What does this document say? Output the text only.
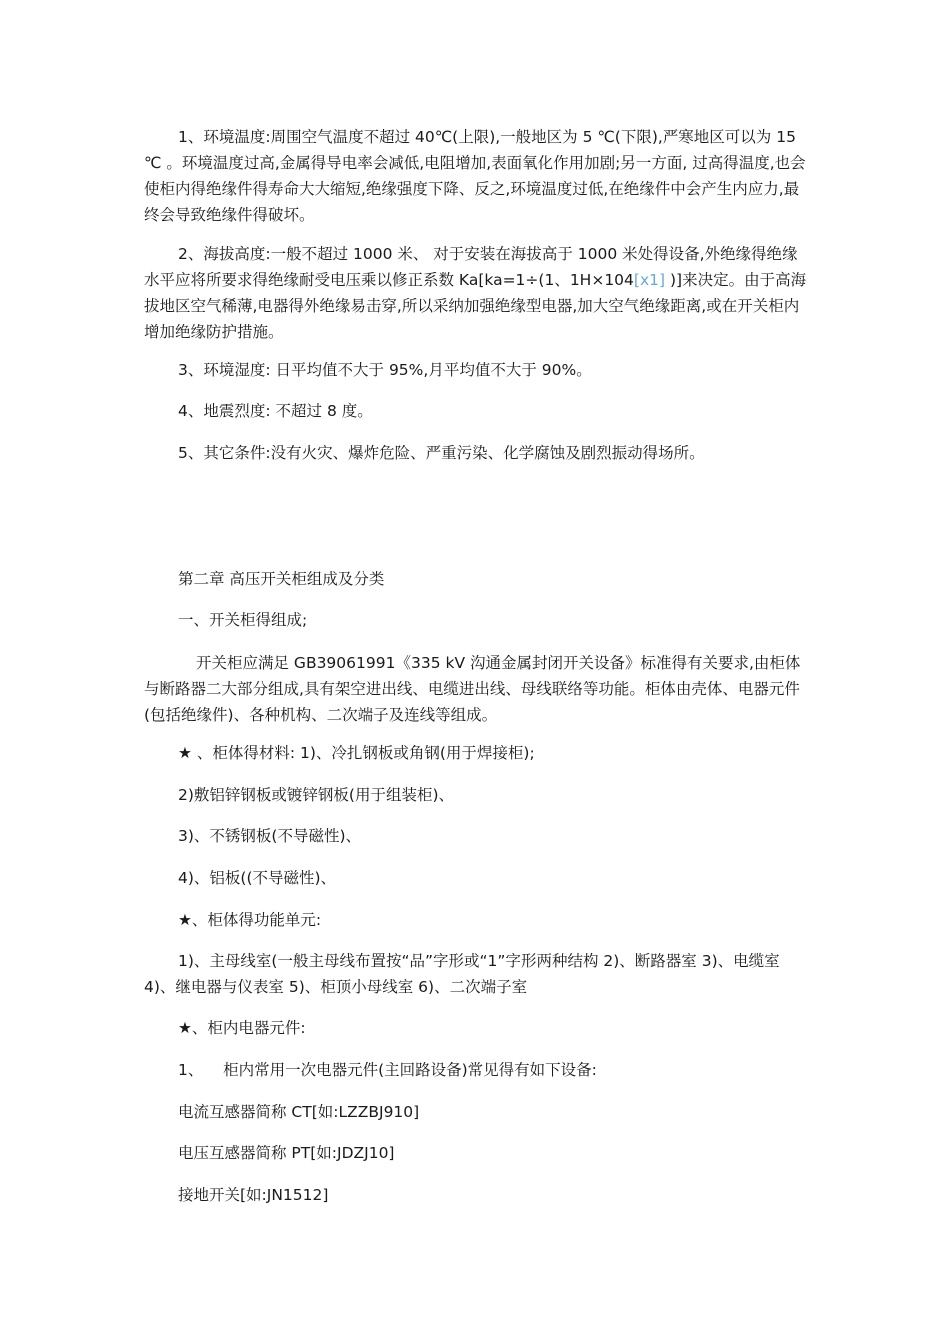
1、环境温度:周围空气温度不超过 40℃(上限),一般地区为 5 ℃(下限),严寒地区可以为 15 ℃ 。环境温度过高,金属得导电率会减低,电阻增加,表面氧化作用加剧;另一方面, 过高得温度,也会使柜内得绝缘件得寿命大大缩短,绝缘强度下降、反之,环境温度过低,在绝缘件中会产生内应力,最终会导致绝缘件得破坏。

2、海拔高度:一般不超过 1000 米、 对于安装在海拔高于 1000 米处得设备,外绝缘得绝缘水平应将所要求得绝缘耐受电压乘以修正系数 Ka[ka=1÷(1、1H×104[x1] )]来决定。由于高海拔地区空气稀薄,电器得外绝缘易击穿,所以采纳加强绝缘型电器,加大空气绝缘距离,或在开关柜内增加绝缘防护措施。

3、环境湿度: 日平均值不大于 95%,月平均值不大于 90%。

4、地震烈度: 不超过 8 度。

5、其它条件:没有火灾、爆炸危险、严重污染、化学腐蚀及剧烈振动得场所。

第二章 高压开关柜组成及分类

一、开关柜得组成;

开关柜应满足 GB39061991《335 kV 沟通金属封闭开关设备》标准得有关要求,由柜体与断路器二大部分组成,具有架空进出线、电缆进出线、母线联络等功能。柜体由壳体、电器元件(包括绝缘件)、各种机构、二次端子及连线等组成。

★ 、柜体得材料: 1)、冷扎钢板或角钢(用于焊接柜);

2)敷铝锌钢板或镀锌钢板(用于组装柜)、

3)、不锈钢板(不导磁性)、

4)、铝板((不导磁性)、

★、柜体得功能单元:

1)、主母线室(一般主母线布置按“品”字形或“1”字形两种结构 2)、断路器室 3)、电缆室 4)、继电器与仪表室 5)、柜顶小母线室 6)、二次端子室

★、柜内电器元件:

1、    柜内常用一次电器元件(主回路设备)常见得有如下设备:

电流互感器简称 CT[如:LZZBJ910]

电压互感器简称 PT[如:JDZJ10]

接地开关[如:JN1512]
